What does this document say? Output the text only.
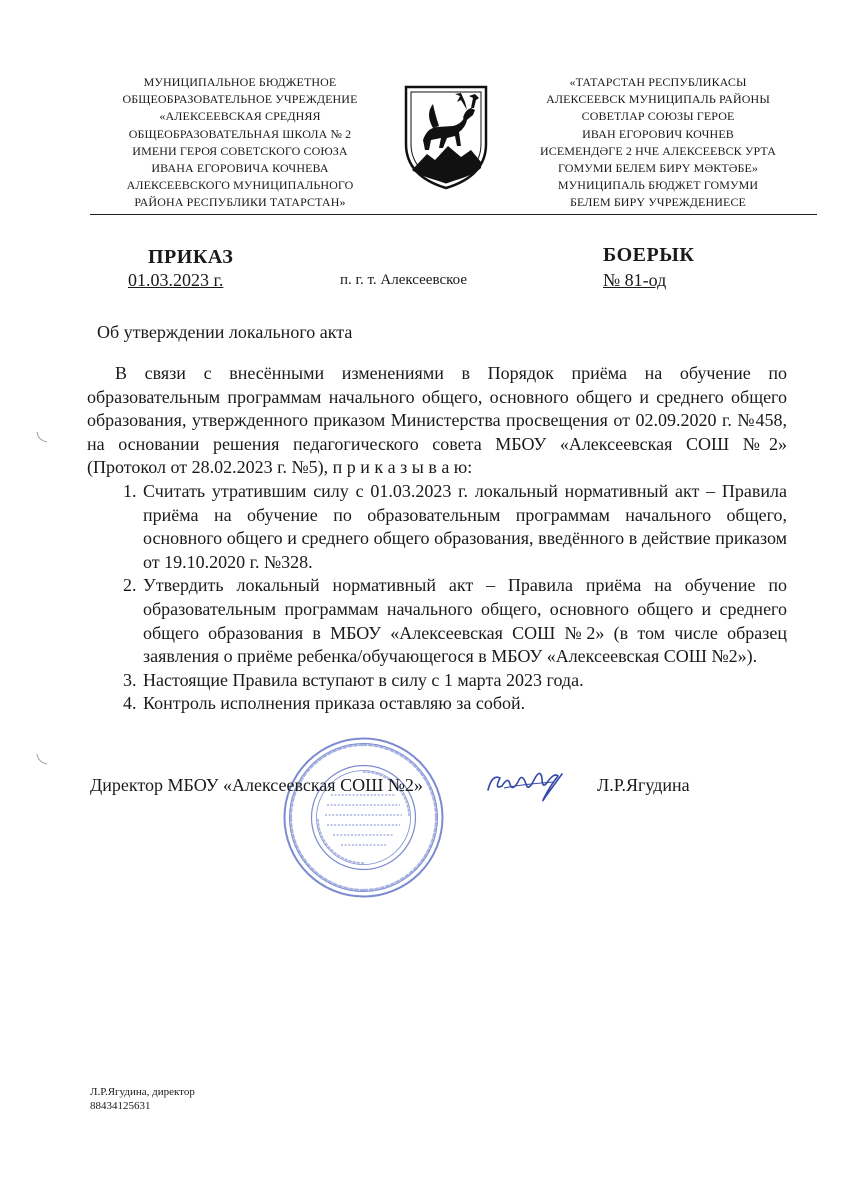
МУНИЦИПАЛЬНОЕ БЮДЖЕТНОЕ
ОБЩЕОБРАЗОВАТЕЛЬНОЕ УЧРЕЖДЕНИЕ
«АЛЕКСЕЕВСКАЯ СРЕДНЯЯ
ОБЩЕОБРАЗОВАТЕЛЬНАЯ ШКОЛА № 2
ИМЕНИ ГЕРОЯ СОВЕТСКОГО СОЮЗА
ИВАНА ЕГОРОВИЧА КОЧНЕВА
АЛЕКСЕЕВСКОГО МУНИЦИПАЛЬНОГО
РАЙОНА РЕСПУБЛИКИ ТАТАРСТАН»
«ТАТАРСТАН РЕСПУБЛИКАСЫ
АЛЕКСЕЕВСК МУНИЦИПАЛЬ РАЙОНЫ
СОВЕТЛАР СОЮЗЫ ГЕРОЕ
ИВАН ЕГОРОВИЧ КОЧНЕВ
ИСЕМЕНДӘГЕ 2 НЧЕ АЛЕКСЕЕВСК УРТА
ГОМУМИ БЕЛЕМ БИРҮ МӘКТӘБЕ»
МУНИЦИПАЛЬ БЮДЖЕТ ГОМУМИ
БЕЛЕМ БИРҮ УЧРЕЖДЕНИЕСЕ
ПРИКАЗ
01.03.2023 г.	п. г. т. Алексеевское
БОЕРЫК
№ 81-од
Об утверждении локального акта

В связи с внесёнными изменениями в Порядок приёма на обучение по образовательным программам начального общего, основного общего и среднего общего образования, утвержденного приказом Министерства просвещения от 02.09.2020 г. №458, на основании решения педагогического совета МБОУ «Алексеевская СОШ №2» (Протокол от 28.02.2023 г. №5), п р и к а з ы в а ю:

1. Считать утратившим силу с 01.03.2023 г. локальный нормативный акт – Правила приёма на обучение по образовательным программам начального общего, основного общего и среднего общего образования, введённого в действие приказом от 19.10.2020 г. №328.
2. Утвердить локальный нормативный акт – Правила приёма на обучение по образовательным программам начального общего, основного общего и среднего общего образования в МБОУ «Алексеевская СОШ №2» (в том числе образец заявления о приёме ребенка/обучающегося в МБОУ «Алексеевская СОШ №2»).
3. Настоящие Правила вступают в силу с 1 марта 2023 года.
4. Контроль исполнения приказа оставляю за собой.
Директор МБОУ «Алексеевская СОШ №2»	Л.Р.Ягудина
Л.Р.Ягудина, директор
88434125631
